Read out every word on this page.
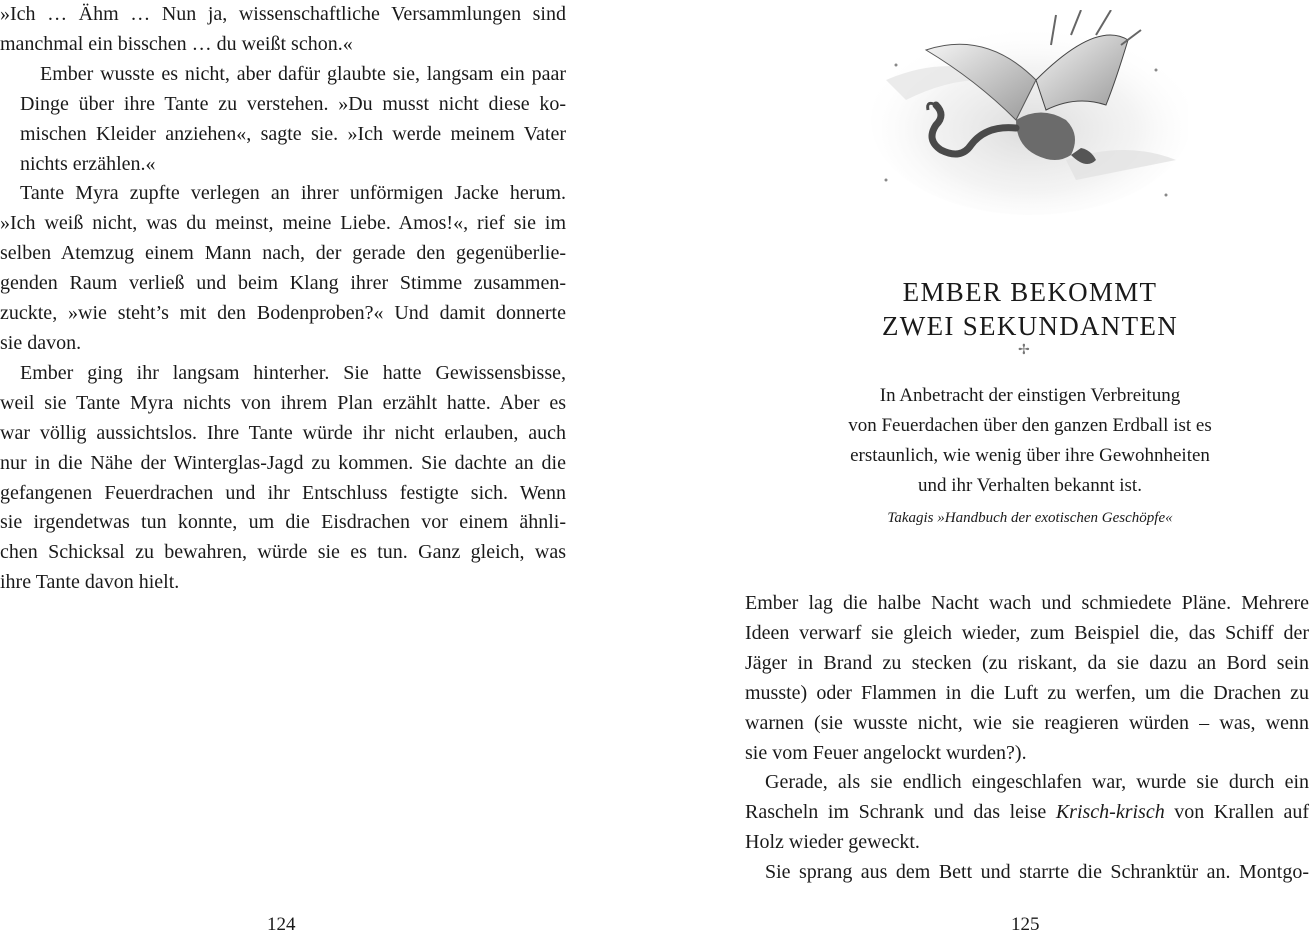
»Ich … Ähm … Nun ja, wissenschaftliche Versammlungen sind
manchmal ein bisschen … du weißt schon.«

Ember wusste es nicht, aber dafür glaubte sie, langsam ein paar
Dinge über ihre Tante zu verstehen. »Du musst nicht diese ko-
mischen Kleider anziehen«, sagte sie. »Ich werde meinem Vater
nichts erzählen.«

Tante Myra zupfte verlegen an ihrer unförmigen Jacke herum.
»Ich weiß nicht, was du meinst, meine Liebe. Amos!«, rief sie im
selben Atemzug einem Mann nach, der gerade den gegenüberlie-
genden Raum verließ und beim Klang ihrer Stimme zusammen-
zuckte, »wie steht’s mit den Bodenproben?« Und damit donnerte
sie davon.

Ember ging ihr langsam hinterher. Sie hatte Gewissensbisse,
weil sie Tante Myra nichts von ihrem Plan erzählt hatte. Aber es
war völlig aussichtslos. Ihre Tante würde ihr nicht erlauben, auch
nur in die Nähe der Winterglas-Jagd zu kommen. Sie dachte an die
gefangenen Feuerdrachen und ihr Entschluss festigte sich. Wenn
sie irgendetwas tun konnte, um die Eisdrachen vor einem ähnli-
chen Schicksal zu bewahren, würde sie es tun. Ganz gleich, was
ihre Tante davon hielt.

124
EMBER BEKOMMT
ZWEI SEKUNDANTEN
✢
In Anbetracht der einstigen Verbreitung
von Feuerdachen über den ganzen Erdball ist es
erstaunlich, wie wenig über ihre Gewohnheiten
und ihr Verhalten bekannt ist.
Takagis »Handbuch der exotischen Geschöpfe«

Ember lag die halbe Nacht wach und schmiedete Pläne. Mehrere
Ideen verwarf sie gleich wieder, zum Beispiel die, das Schiff der
Jäger in Brand zu stecken (zu riskant, da sie dazu an Bord sein
musste) oder Flammen in die Luft zu werfen, um die Drachen zu
warnen (sie wusste nicht, wie sie reagieren würden – was, wenn
sie vom Feuer angelockt wurden?).

Gerade, als sie endlich eingeschlafen war, wurde sie durch ein
Rascheln im Schrank und das leise Krisch-krisch von Krallen auf
Holz wieder geweckt.

Sie sprang aus dem Bett und starrte die Schranktür an. Montgo-

125
